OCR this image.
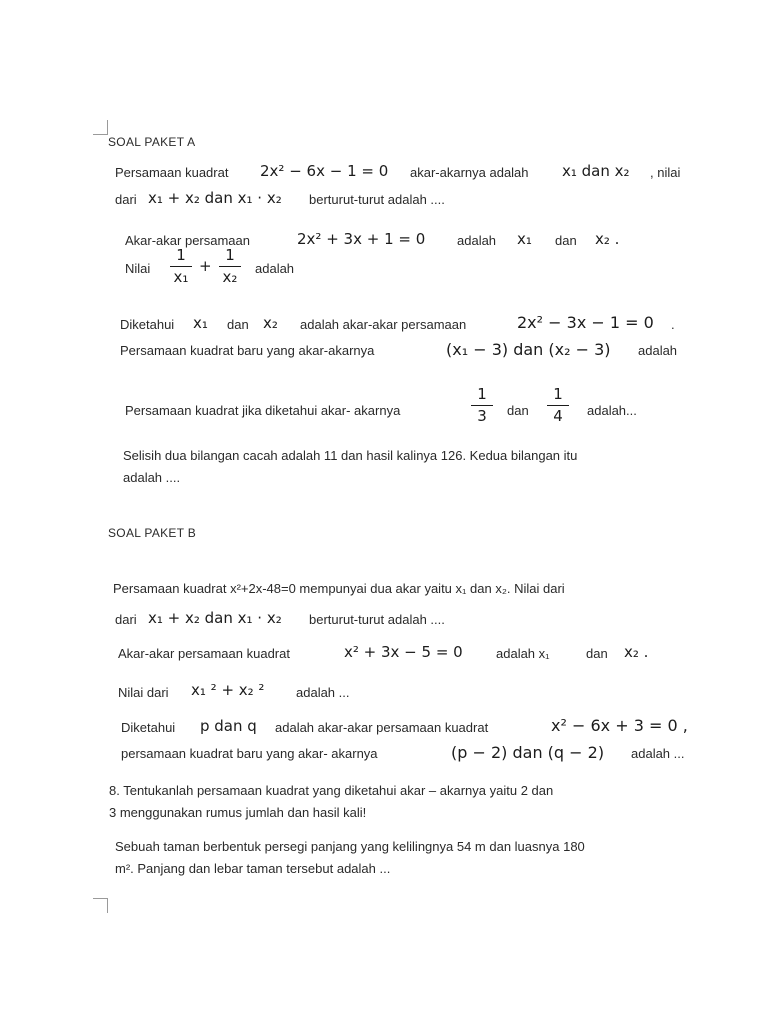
SOAL PAKET A
Persamaan kuadrat 2x² − 6x − 1 = 0 akar-akarnya adalah x₁ dan x₂ , nilai
dari x₁ + x₂ dan x₁ · x₂ berturut-turut adalah ....
Akar-akar persamaan	2x² + 3x + 1 = 0 adalah x₁ dan x₂ .
Nilai
1
x₁
+
1
x₂ adalah
Diketahui x₁ dan x₂ adalah akar-akar persamaan	2x² − 3x − 1 = 0 .
Persamaan kuadrat baru yang akar-akarnya	(x₁ − 3) dan (x₂ − 3) adalah
Persamaan kuadrat jika diketahui akar- akarnya
1
3	dan
1
4	adalah...
Selisih dua bilangan cacah adalah 11 dan hasil kalinya 126. Kedua bilangan itu
adalah ....
SOAL PAKET B
Persamaan kuadrat x²+2x-48=0 mempunyai dua akar yaitu x₁ dan x₂. Nilai dari
dari x₁ + x₂ dan x₁ · x₂ berturut-turut adalah ....
Akar-akar persamaan kuadrat	x² + 3x − 5 = 0	adalah x₁	dan x₂ .
Nilai dari x₁ ² + x₂ ² adalah ...
Diketahui p dan q adalah akar-akar persamaan kuadrat	x² − 6x + 3 = 0 ,
persamaan kuadrat baru yang akar- akarnya	(p − 2) dan (q − 2) adalah ...
8. Tentukanlah persamaan kuadrat yang diketahui akar – akarnya yaitu 2 dan
3 menggunakan rumus jumlah dan hasil kali!
Sebuah taman berbentuk persegi panjang yang kelilingnya 54 m dan luasnya 180
m². Panjang dan lebar taman tersebut adalah ...
